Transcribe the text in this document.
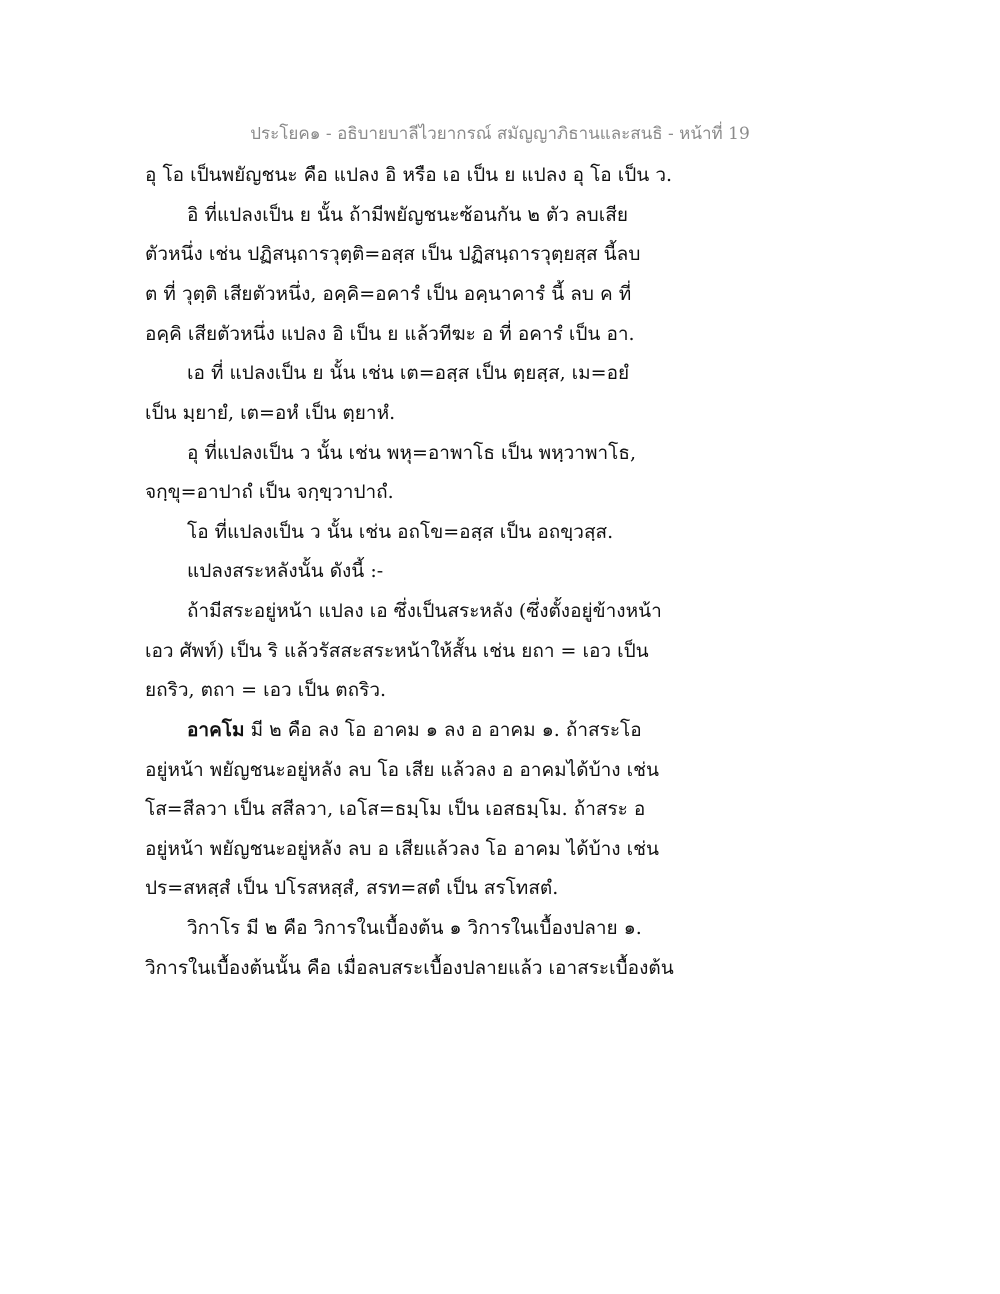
ประโยค๑ - อธิบายบาลีไวยากรณ์ สมัญญาภิธานและสนธิ - หน้าที่ 19
อุ โอ เป็นพยัญชนะ คือ แปลง อิ หรือ เอ เป็น ย แปลง อุ โอ เป็น ว.
อิ ที่แปลงเป็น ย นั้น ถ้ามีพยัญชนะซ้อนกัน ๒ ตัว ลบเสีย
ตัวหนึ่ง เช่น ปฏิสนฺถารวุตฺติ=อสฺส เป็น ปฏิสนฺถารวุตฺยสฺส นี้ลบ
ต ที่ วุตฺติ เสียตัวหนึ่ง, อคฺคิ=อคารํ เป็น อคฺนาคารํ นี้ ลบ ค ที่
อคฺคิ เสียตัวหนึ่ง แปลง อิ เป็น ย แล้วทีฆะ อ ที่ อคารํ เป็น อา.
เอ ที่ แปลงเป็น ย นั้น เช่น เต=อสฺส เป็น ตฺยสฺส, เม=อยํ
เป็น มฺยายํ, เต=อหํ เป็น ตฺยาหํ.
อุ ที่แปลงเป็น ว นั้น เช่น พหุ=อาพาโธ เป็น พหฺวาพาโธ,
จกฺขุ=อาปาถํ เป็น จกฺขฺวาปาถํ.
โอ ที่แปลงเป็น ว นั้น เช่น อถโข=อสฺส เป็น อถขฺวสฺส.
แปลงสระหลังนั้น ดังนี้ :-
ถ้ามีสระอยู่หน้า แปลง เอ ซึ่งเป็นสระหลัง (ซึ่งตั้งอยู่ข้างหน้า
เอว ศัพท์) เป็น ริ แล้วรัสสะสระหน้าให้สั้น เช่น ยถา = เอว เป็น
ยถริว, ตถา = เอว เป็น ตถริว.
อาคโม มี ๒ คือ ลง โอ อาคม ๑ ลง อ อาคม ๑. ถ้าสระโอ
อยู่หน้า พยัญชนะอยู่หลัง ลบ โอ เสีย แล้วลง อ อาคมได้บ้าง เช่น
โส=สีลวา เป็น สสีลวา, เอโส=ธมฺโม เป็น เอสธมฺโม. ถ้าสระ อ
อยู่หน้า พยัญชนะอยู่หลัง ลบ อ เสียแล้วลง โอ อาคม ได้บ้าง เช่น
ปร=สหสฺสํ เป็น ปโรสหสฺสํ, สรท=สตํ เป็น สรโทสตํ.
วิกาโร มี ๒ คือ วิการในเบื้องต้น ๑ วิการในเบื้องปลาย ๑.
วิการในเบื้องต้นนั้น คือ เมื่อลบสระเบื้องปลายแล้ว เอาสระเบื้องต้น
